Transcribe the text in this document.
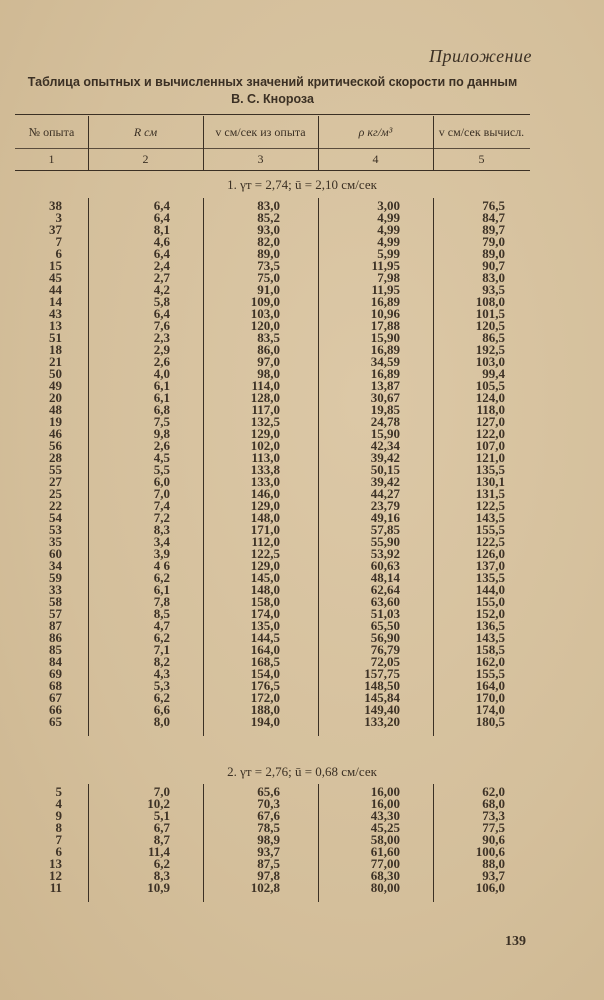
Приложение
Таблица опытных и вычисленных значений критической скорости по данным
В. С. Кнороза
№ опыта	R см	v см/сек из опыта	ρ кг/м³	v см/сек вычисл.
1	2	3	4	5
1. γт = 2,74; ū = 2,10 см/сек
38	6,4	83,0	3,00	76,5
3	6,4	85,2	4,99	84,7
37	8,1	93,0	4,99	89,7
7	4,6	82,0	4,99	79,0
6	6,4	89,0	5,99	89,0
15	2,4	73,5	11,95	90,7
45	2,7	75,0	7,98	83,0
44	4,2	91,0	11,95	93,5
14	5,8	109,0	16,89	108,0
43	6,4	103,0	10,96	101,5
13	7,6	120,0	17,88	120,5
51	2,3	83,5	15,90	86,5
18	2,9	86,0	16,89	192,5
21	2,6	97,0	34,59	103,0
50	4,0	98,0	16,89	99,4
49	6,1	114,0	13,87	105,5
20	6,1	128,0	30,67	124,0
48	6,8	117,0	19,85	118,0
19	7,5	132,5	24,78	127,0
46	9,8	129,0	15,90	122,0
56	2,6	102,0	42,34	107,0
28	4,5	113,0	39,42	121,0
55	5,5	133,8	50,15	135,5
27	6,0	133,0	39,42	130,1
25	7,0	146,0	44,27	131,5
22	7,4	129,0	23,79	122,5
54	7,2	148,0	49,16	143,5
53	8,3	171,0	57,85	155,5
35	3,4	112,0	55,90	122,5
60	3,9	122,5	53,92	126,0
34	4 6	129,0	60,63	137,0
59	6,2	145,0	48,14	135,5
33	6,1	148,0	62,64	144,0
58	7,8	158,0	63,60	155,0
57	8,5	174,0	51,03	152,0
87	4,7	135,0	65,50	136,5
86	6,2	144,5	56,90	143,5
85	7,1	164,0	76,79	158,5
84	8,2	168,5	72,05	162,0
69	4,3	154,0	157,75	155,5
68	5,3	176,5	148,50	164,0
67	6,2	172,0	145,84	170,0
66	6,6	188,0	149,40	174,0
65	8,0	194,0	133,20	180,5
2. γт = 2,76; ū = 0,68 см/сек
5	7,0	65,6	16,00	62,0
4	10,2	70,3	16,00	68,0
9	5,1	67,6	43,30	73,3
8	6,7	78,5	45,25	77,5
7	8,7	98,9	58,00	90,6
6	11,4	93,7	61,60	100,6
13	6,2	87,5	77,00	88,0
12	8,3	97,8	68,30	93,7
11	10,9	102,8	80,00	106,0
139
